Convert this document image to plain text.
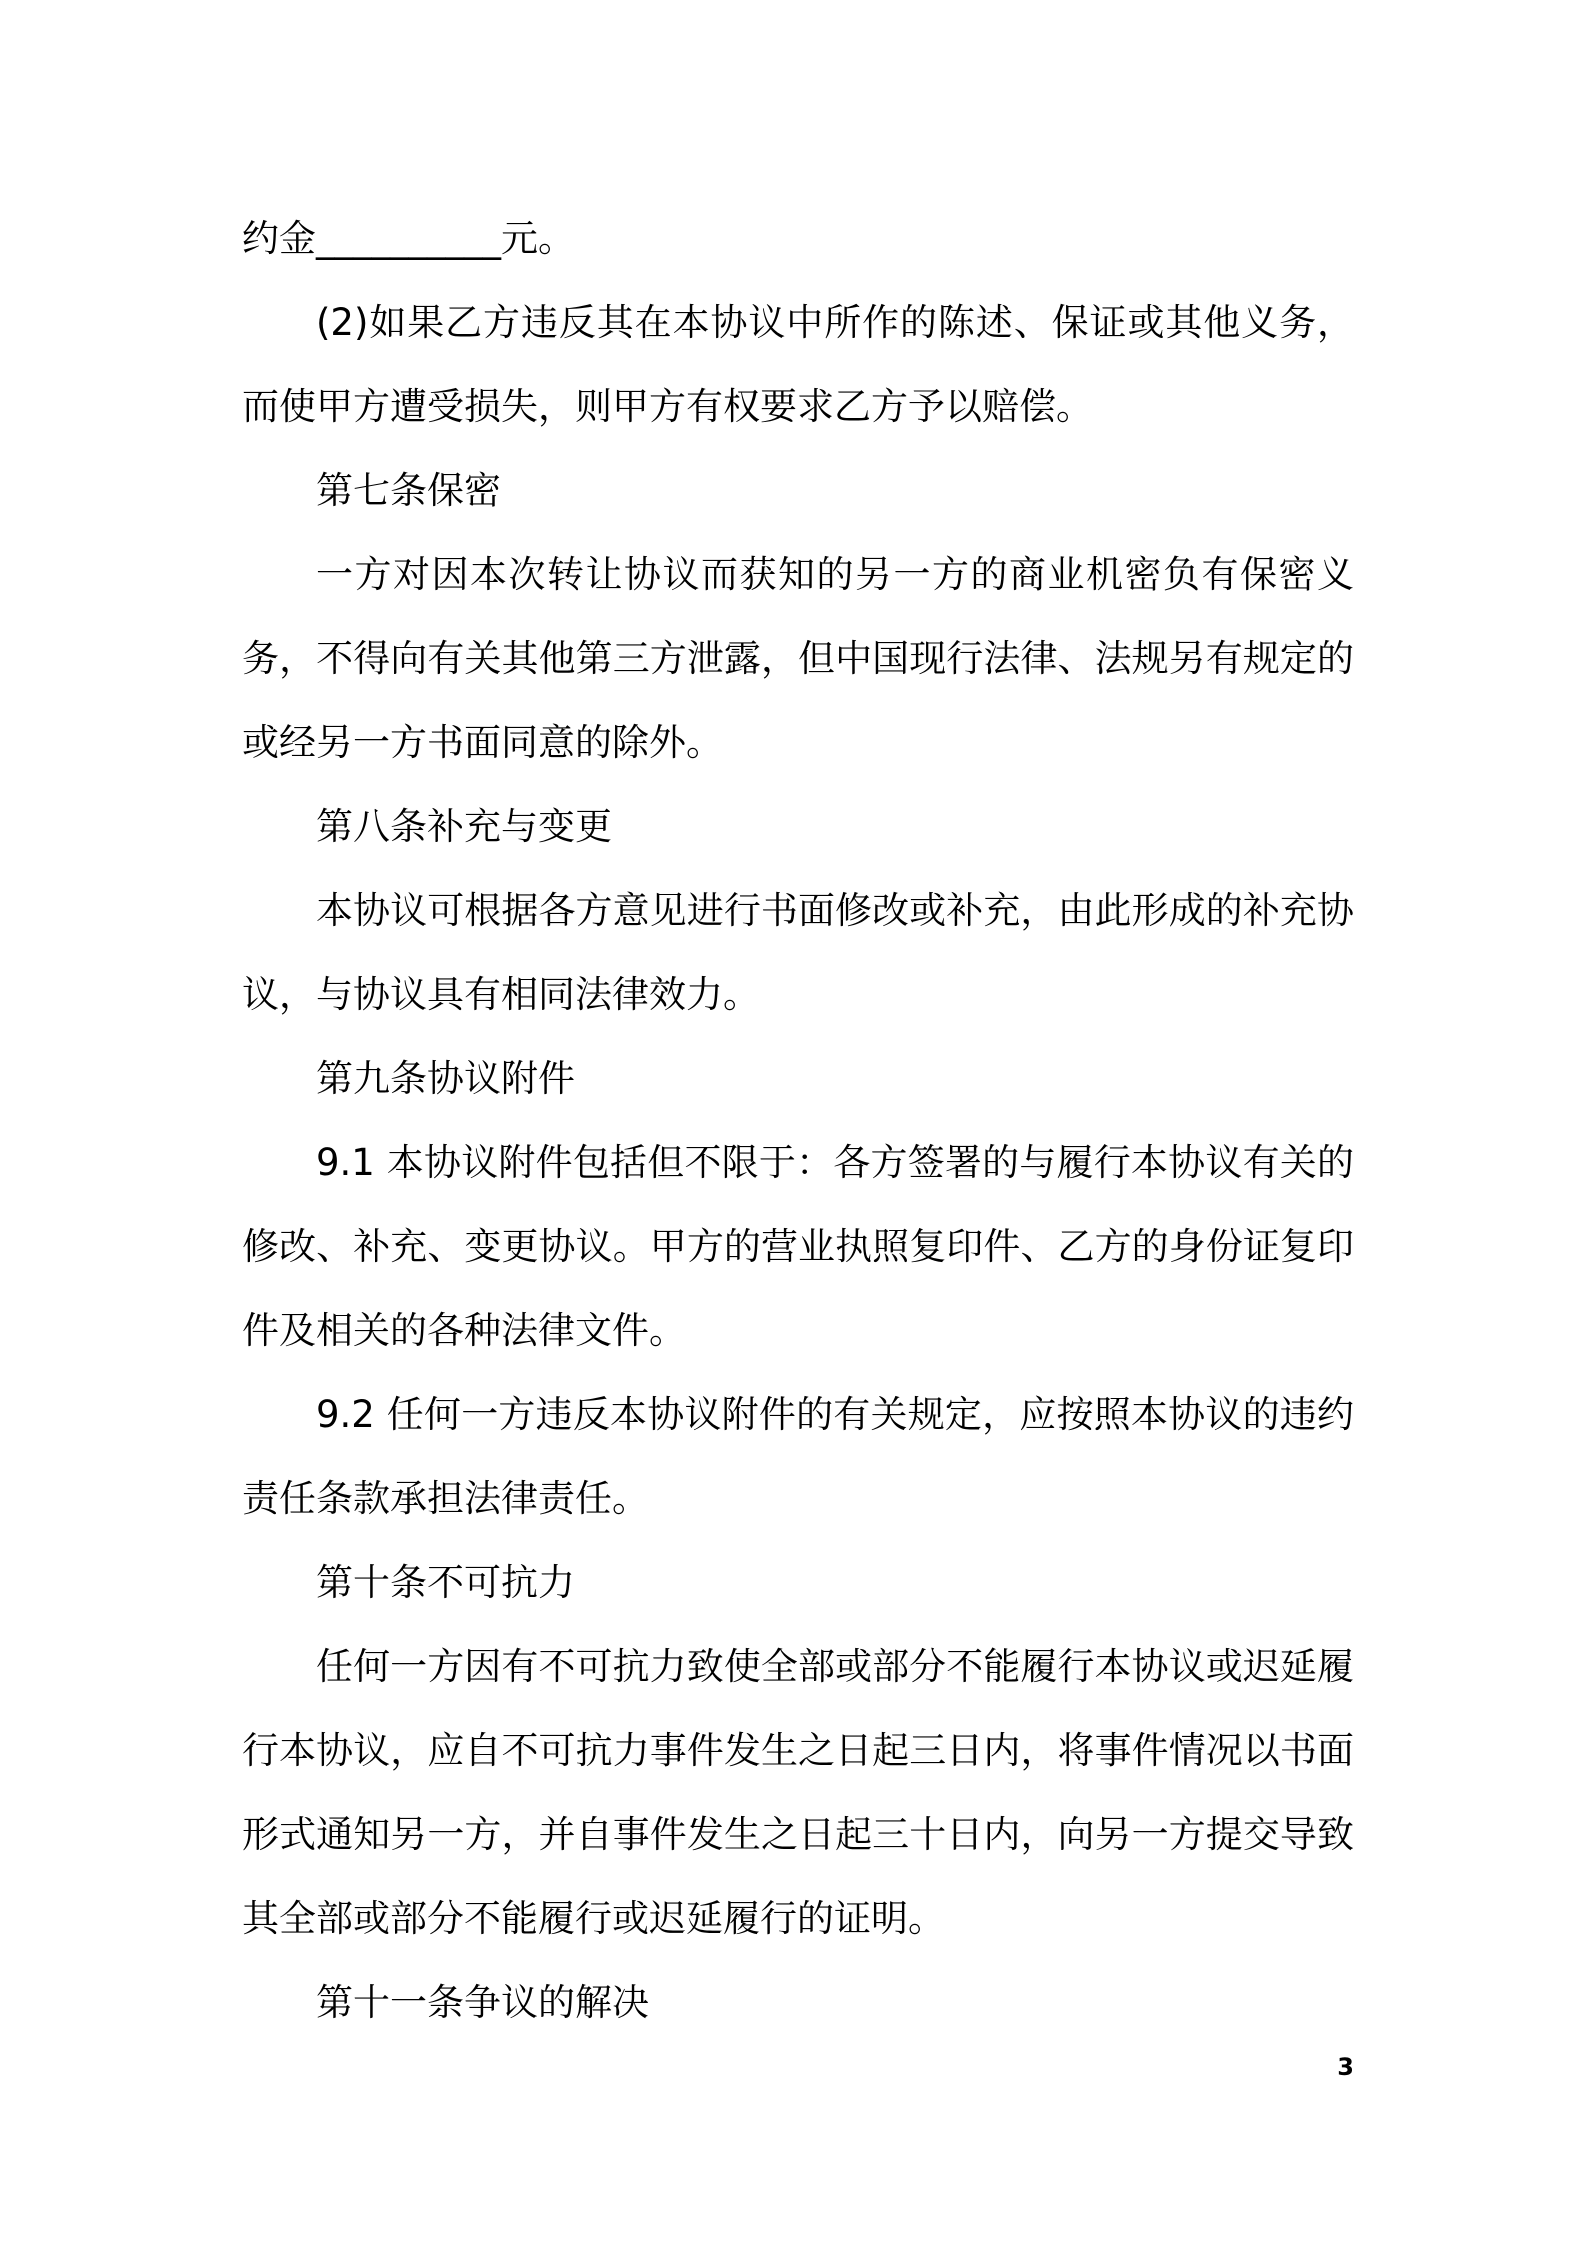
约金__________元。

(2)如果乙方违反其在本协议中所作的陈述、保证或其他义务，而使甲方遭受损失，则甲方有权要求乙方予以赔偿。

第七条保密

一方对因本次转让协议而获知的另一方的商业机密负有保密义务，不得向有关其他第三方泄露，但中国现行法律、法规另有规定的或经另一方书面同意的除外。

第八条补充与变更

本协议可根据各方意见进行书面修改或补充，由此形成的补充协议，与协议具有相同法律效力。

第九条协议附件

9.1 本协议附件包括但不限于：各方签署的与履行本协议有关的修改、补充、变更协议。甲方的营业执照复印件、乙方的身份证复印件及相关的各种法律文件。

9.2 任何一方违反本协议附件的有关规定，应按照本协议的违约责任条款承担法律责任。

第十条不可抗力

任何一方因有不可抗力致使全部或部分不能履行本协议或迟延履行本协议，应自不可抗力事件发生之日起三日内，将事件情况以书面形式通知另一方，并自事件发生之日起三十日内，向另一方提交导致其全部或部分不能履行或迟延履行的证明。

第十一条争议的解决

3
